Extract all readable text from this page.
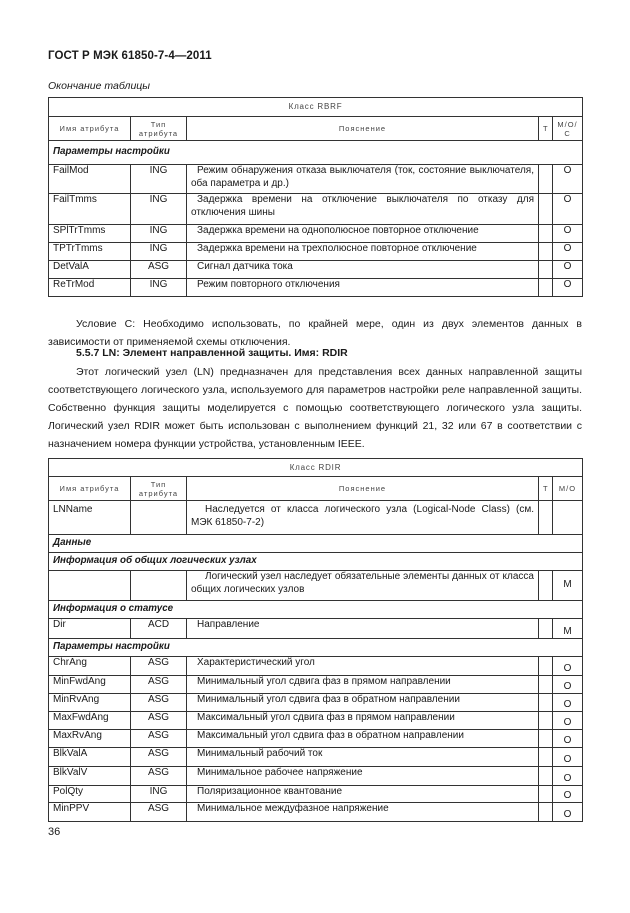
ГОСТ Р МЭК 61850-7-4—2011
Окончание таблицы
Класс RBRF				
Имя атрибута	Тип атрибута	Пояснение	T	М/О/С
Параметры настройки				
FailMod	ING	Режим обнаружения отказа выключателя (ток, состояние выключателя, оба параметра и др.)		O
FailTmms	ING	Задержка времени на отключение выключателя по отказу для отключения шины		O
SPlTrTmms	ING	Задержка времени на однополюсное повторное отключение		O
TPTrTmms	ING	Задержка времени на трехполюсное повторное отключение		O
DetValA	ASG	Сигнал датчика тока		O
ReTrMod	ING	Режим повторного отключения		O
Условие С: Необходимо использовать, по крайней мере, один из двух элементов данных в зависимости от применяемой схемы отключения.
5.5.7 LN: Элемент направленной защиты. Имя: RDIR
Этот логический узел (LN) предназначен для представления всех данных направленной защиты соответствующего логического узла, используемого для параметров настройки реле направленной защиты. Собственно функция защиты моделируется с помощью соответствующего логического узла защиты. Логический узел RDIR может быть использован с выполнением функций 21, 32 или 67 в соответствии с назначением номера функции устройства, установленным IEEE.
Класс RDIR				
Имя атрибута	Тип атрибута	Пояснение	T	М/О
LNName		Наследуется от класса логического узла (Logical-Node Class) (см. МЭК 61850-7-2)		
Данные				
Информация об общих логических узлах				
		Логический узел наследует обязательные элементы данных от класса общих логических узлов		M
Информация о статусе				
Dir	ACD	Направление		M
Параметры настройки				
ChrAng	ASG	Характеристический угол		O
MinFwdAng	ASG	Минимальный угол сдвига фаз в прямом направлении		O
MinRvAng	ASG	Минимальный угол сдвига фаз в обратном направлении		O
MaxFwdAng	ASG	Максимальный угол сдвига фаз в прямом направлении		O
MaxRvAng	ASG	Максимальный угол сдвига фаз в обратном направлении		O
BlkValA	ASG	Минимальный рабочий ток		O
BlkValV	ASG	Минимальное рабочее напряжение		O
PolQty	ING	Поляризационное квантование		O
MinPPV	ASG	Минимальное междуфазное напряжение		O
36
